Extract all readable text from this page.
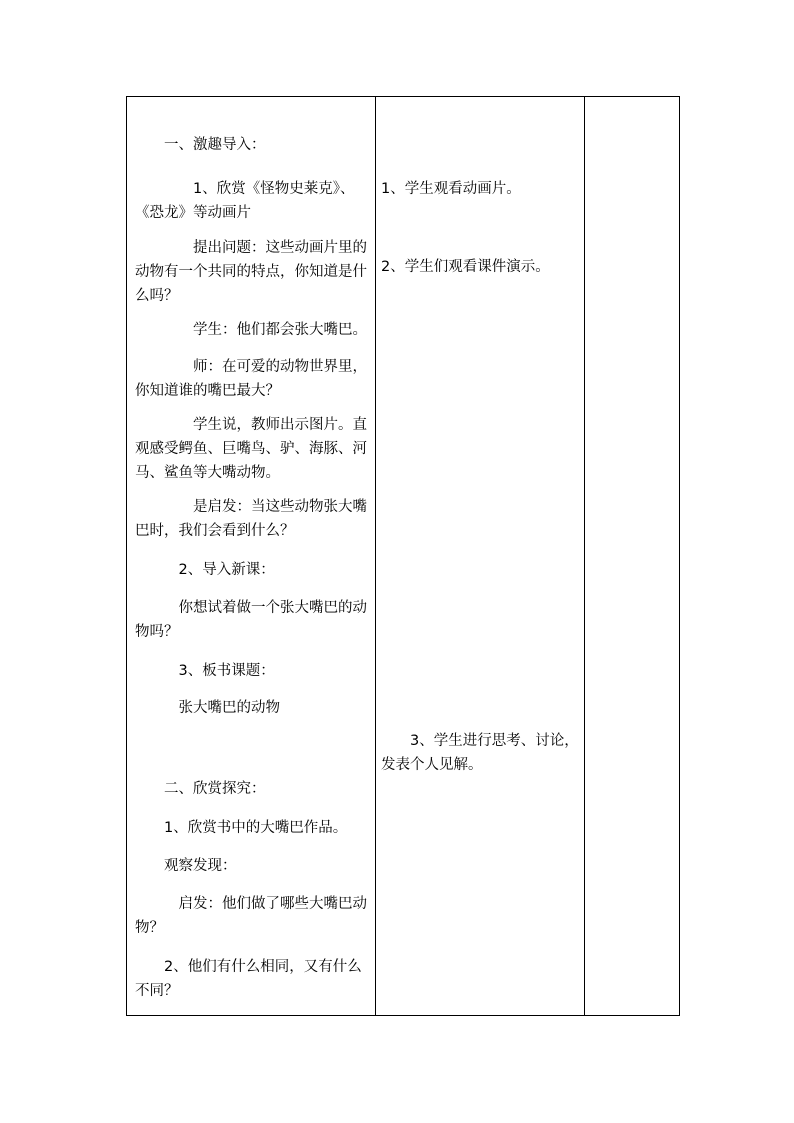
　　一、激趣导入：

　　　　1、欣赏《怪物史莱克》、《恐龙》等动画片

　　　　提出问题：这些动画片里的动物有一个共同的特点，你知道是什么吗？

　　　　学生：他们都会张大嘴巴。

　　　　师：在可爱的动物世界里，你知道谁的嘴巴最大？

　　　　学生说，教师出示图片。直观感受鳄鱼、巨嘴鸟、驴、海豚、河马、鲨鱼等大嘴动物。

　　　　是启发：当这些动物张大嘴巴时，我们会看到什么？

　　　2、导入新课：

　　　你想试着做一个张大嘴巴的动物吗？

　　　3、板书课题：

　　　张大嘴巴的动物

　　二、欣赏探究：

　　1、欣赏书中的大嘴巴作品。

　　观察发现：

　　　启发：他们做了哪些大嘴巴动物？

　　2、他们有什么相同，又有什么不同？

1、学生观看动画片。

2、学生们观看课件演示。

　　3、学生进行思考、讨论，发表个人见解。
